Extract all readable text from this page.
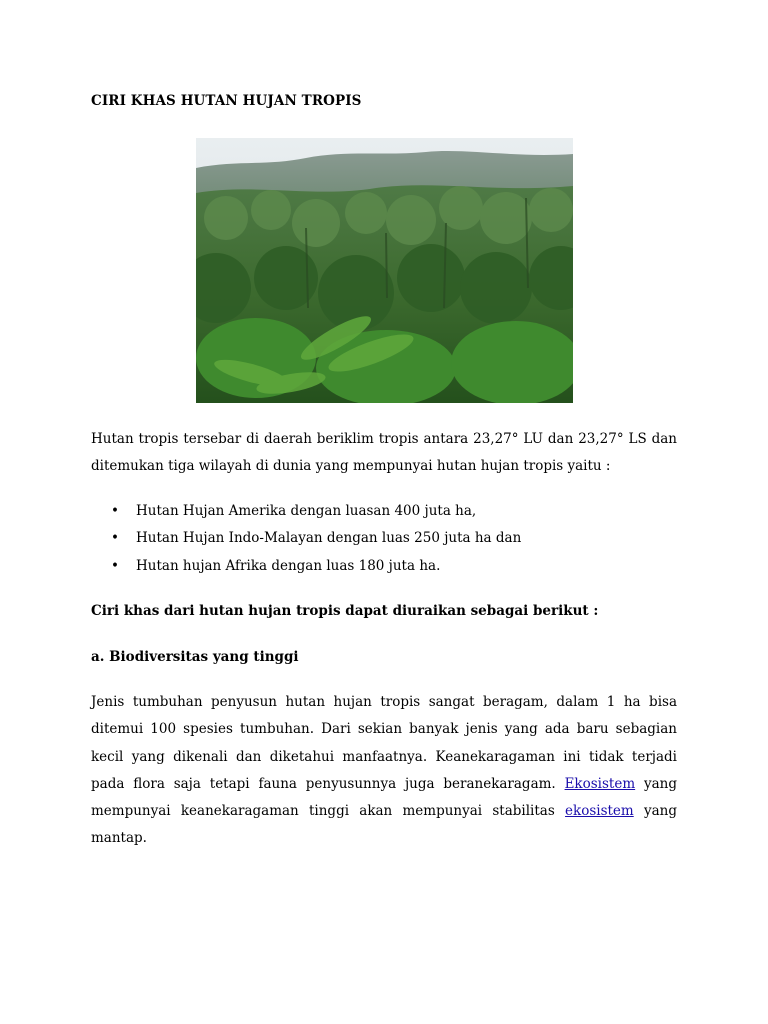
CIRI KHAS HUTAN HUJAN TROPIS
Hutan tropis tersebar di daerah beriklim tropis antara 23,27° LU dan 23,27° LS dan ditemukan tiga wilayah di dunia yang mempunyai hutan hujan tropis yaitu :
• Hutan Hujan Amerika dengan luasan 400 juta ha,
• Hutan Hujan Indo-Malayan dengan luas 250 juta ha dan
• Hutan hujan Afrika dengan luas 180 juta ha.
Ciri khas dari hutan hujan tropis dapat diuraikan sebagai berikut :
a. Biodiversitas yang tinggi
Jenis tumbuhan penyusun hutan hujan tropis sangat beragam, dalam 1 ha bisa ditemui 100 spesies tumbuhan. Dari sekian banyak jenis yang ada baru sebagian kecil yang dikenali dan diketahui manfaatnya. Keanekaragaman ini tidak terjadi pada flora saja tetapi fauna penyusunnya juga beranekaragam. Ekosistem yang mempunyai keanekaragaman tinggi akan mempunyai stabilitas ekosistem yang mantap.
